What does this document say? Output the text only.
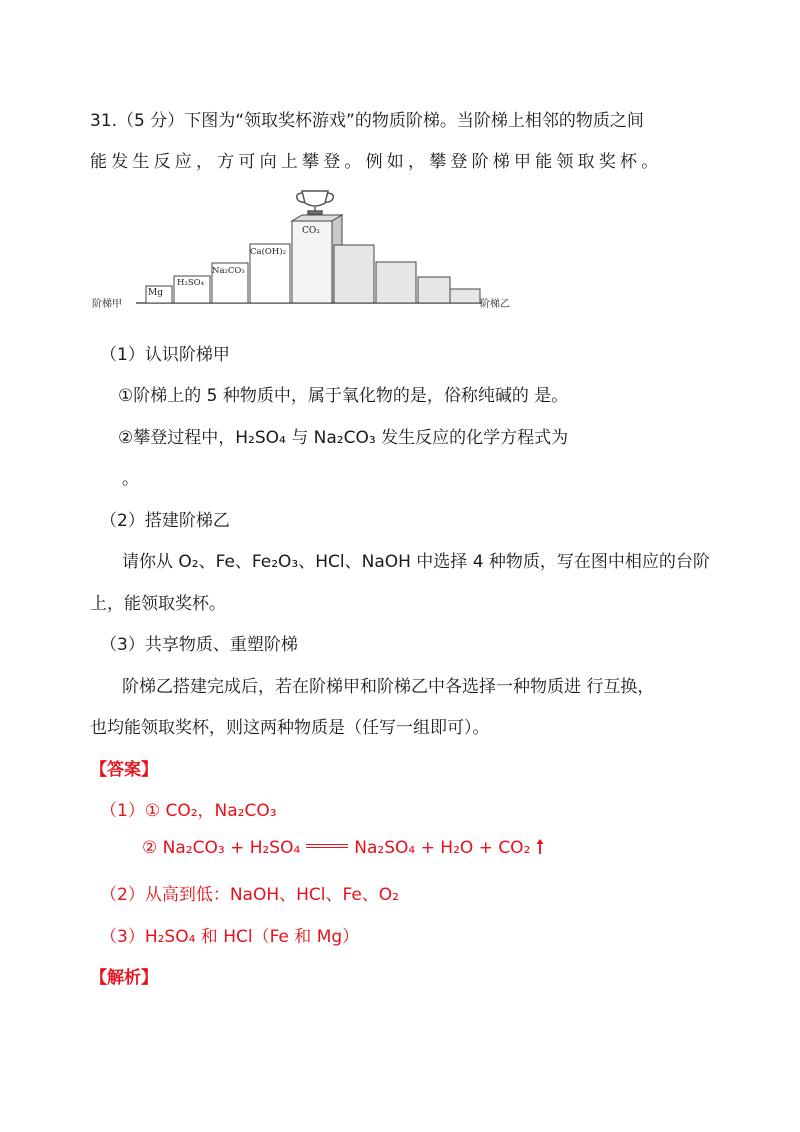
31.（5 分）下图为“领取奖杯游戏”的物质阶梯。当阶梯上相邻的物质之间
能发生反应，方可向上攀登。例如，攀登阶梯甲能领取奖杯。
阶梯甲	阶梯乙
Mg
H₂SO₄
Na₂CO₃
Ca(OH)₂
CO₂
（1）认识阶梯甲
①阶梯上的 5 种物质中，属于氧化物的是，俗称纯碱的 是。
②攀登过程中，H₂SO₄ 与 Na₂CO₃ 发生反应的化学方程式为
。
（2）搭建阶梯乙
请你从 O₂、Fe、Fe₂O₃、HCl、NaOH 中选择 4 种物质，写在图中相应的台阶
上，能领取奖杯。
（3）共享物质、重塑阶梯
阶梯乙搭建完成后，若在阶梯甲和阶梯乙中各选择一种物质进 行互换，
也均能领取奖杯，则这两种物质是（任写一组即可）。
【答案】
（1）① CO₂，Na₂CO₃
② Na₂CO₃ + H₂SO₄	Na₂SO₄ + H₂O + CO₂
（2）从高到低：NaOH、HCl、Fe、O₂
（3）H₂SO₄ 和 HCl（Fe 和 Mg）
【解析】
